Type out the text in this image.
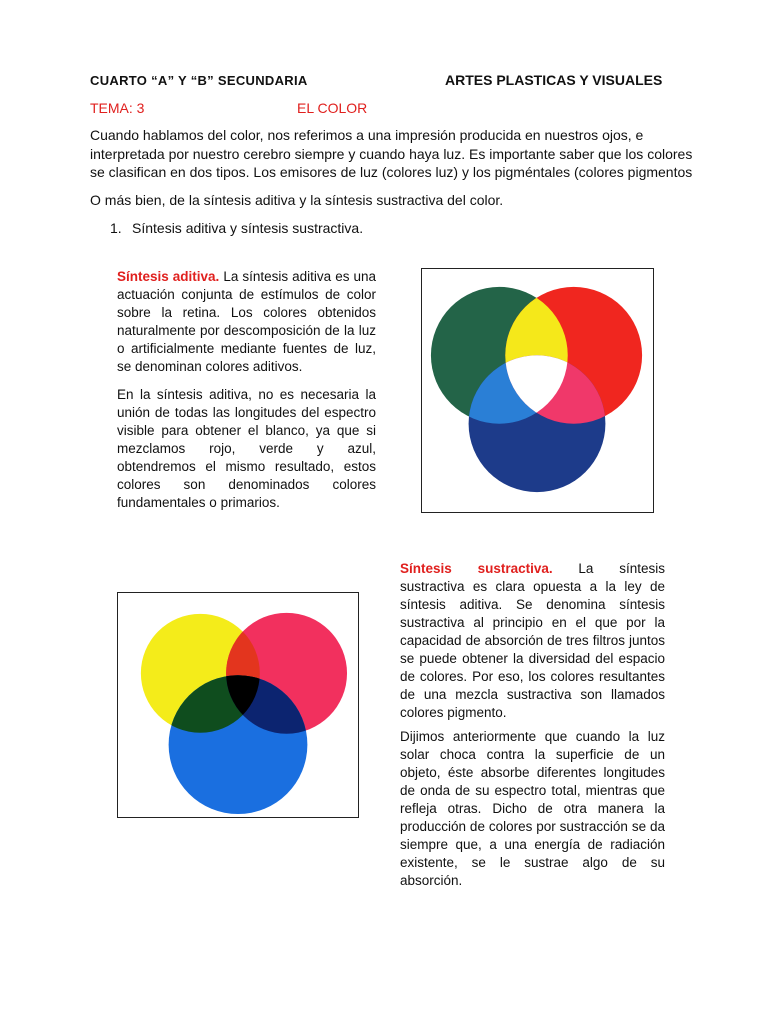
CUARTO “A” Y “B” SECUNDARIA	ARTES PLASTICAS Y VISUALES
TEMA: 3	EL COLOR
Cuando hablamos del color, nos referimos a una impresión producida en nuestros ojos, e
interpretada por nuestro cerebro siempre y cuando haya luz. Es importante saber que los colores
se clasifican en dos tipos. Los emisores de luz (colores luz) y los pigméntales (colores pigmentos
O más bien, de la síntesis aditiva y la síntesis sustractiva del color.
1. Síntesis aditiva y síntesis sustractiva.
Síntesis aditiva. La síntesis aditiva es una actuación conjunta de estímulos de color sobre la retina. Los colores obtenidos naturalmente por descomposición de la luz o artificialmente mediante fuentes de luz, se denominan colores aditivos.
En la síntesis aditiva, no es necesaria la unión de todas las longitudes del espectro visible para obtener el blanco, ya que si mezclamos rojo, verde y azul, obtendremos el mismo resultado, estos colores son denominados colores fundamentales o primarios.
Síntesis sustractiva. La síntesis sustractiva es clara opuesta a la ley de síntesis aditiva. Se denomina síntesis sustractiva al principio en el que por la capacidad de absorción de tres filtros juntos se puede obtener la diversidad del espacio de colores. Por eso, los colores resultantes de una mezcla sustractiva son llamados colores pigmento.
Dijimos anteriormente que cuando la luz solar choca contra la superficie de un objeto, éste absorbe diferentes longitudes de onda de su espectro total, mientras que refleja otras. Dicho de otra manera la producción de colores por sustracción se da siempre que, a una energía de radiación existente, se le sustrae algo de su absorción.
